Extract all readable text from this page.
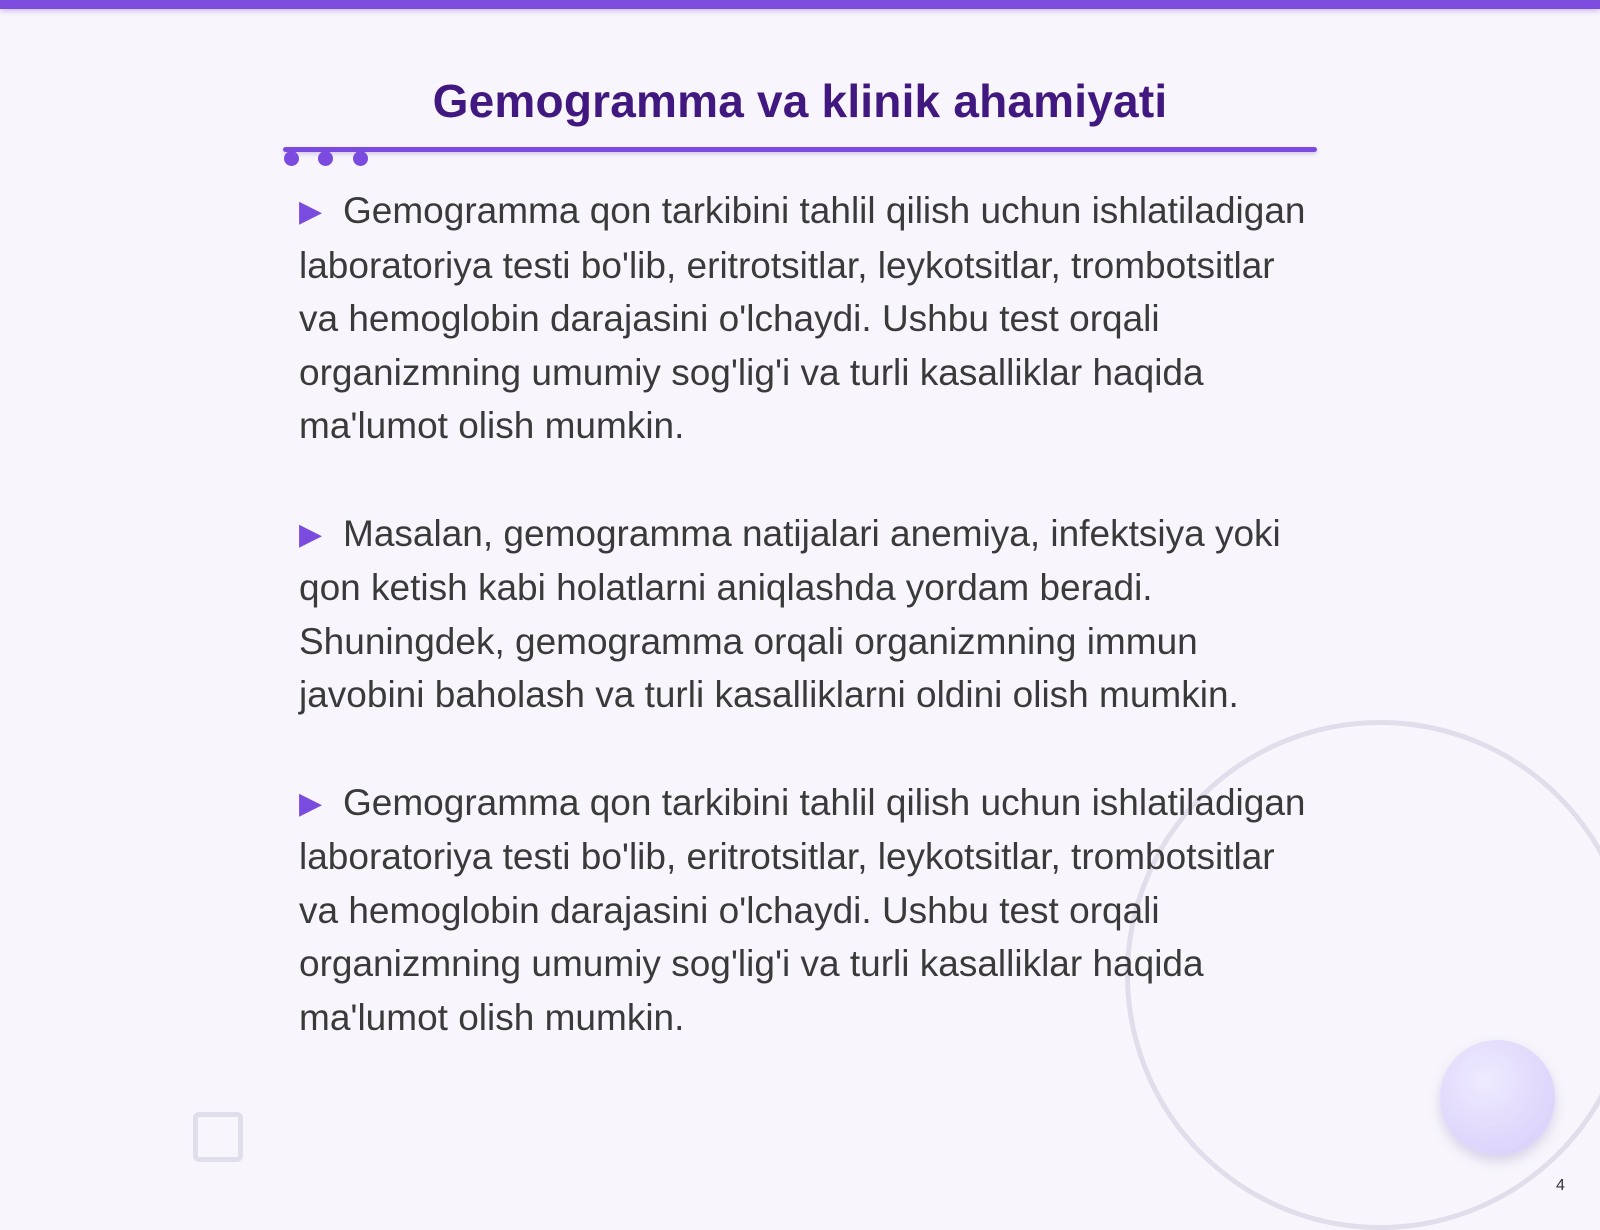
Gemogramma va klinik ahamiyati

▶ Gemogramma qon tarkibini tahlil qilish uchun ishlatiladigan laboratoriya testi bo'lib, eritrotsitlar, leykotsitlar, trombotsitlar va hemoglobin darajasini o'lchaydi. Ushbu test orqali organizmning umumiy sog'lig'i va turli kasalliklar haqida ma'lumot olish mumkin.

▶ Masalan, gemogramma natijalari anemiya, infektsiya yoki qon ketish kabi holatlarni aniqlashda yordam beradi. Shuningdek, gemogramma orqali organizmning immun javobini baholash va turli kasalliklarni oldini olish mumkin.

▶ Gemogramma qon tarkibini tahlil qilish uchun ishlatiladigan laboratoriya testi bo'lib, eritrotsitlar, leykotsitlar, trombotsitlar va hemoglobin darajasini o'lchaydi. Ushbu test orqali organizmning umumiy sog'lig'i va turli kasalliklar haqida ma'lumot olish mumkin.

4
